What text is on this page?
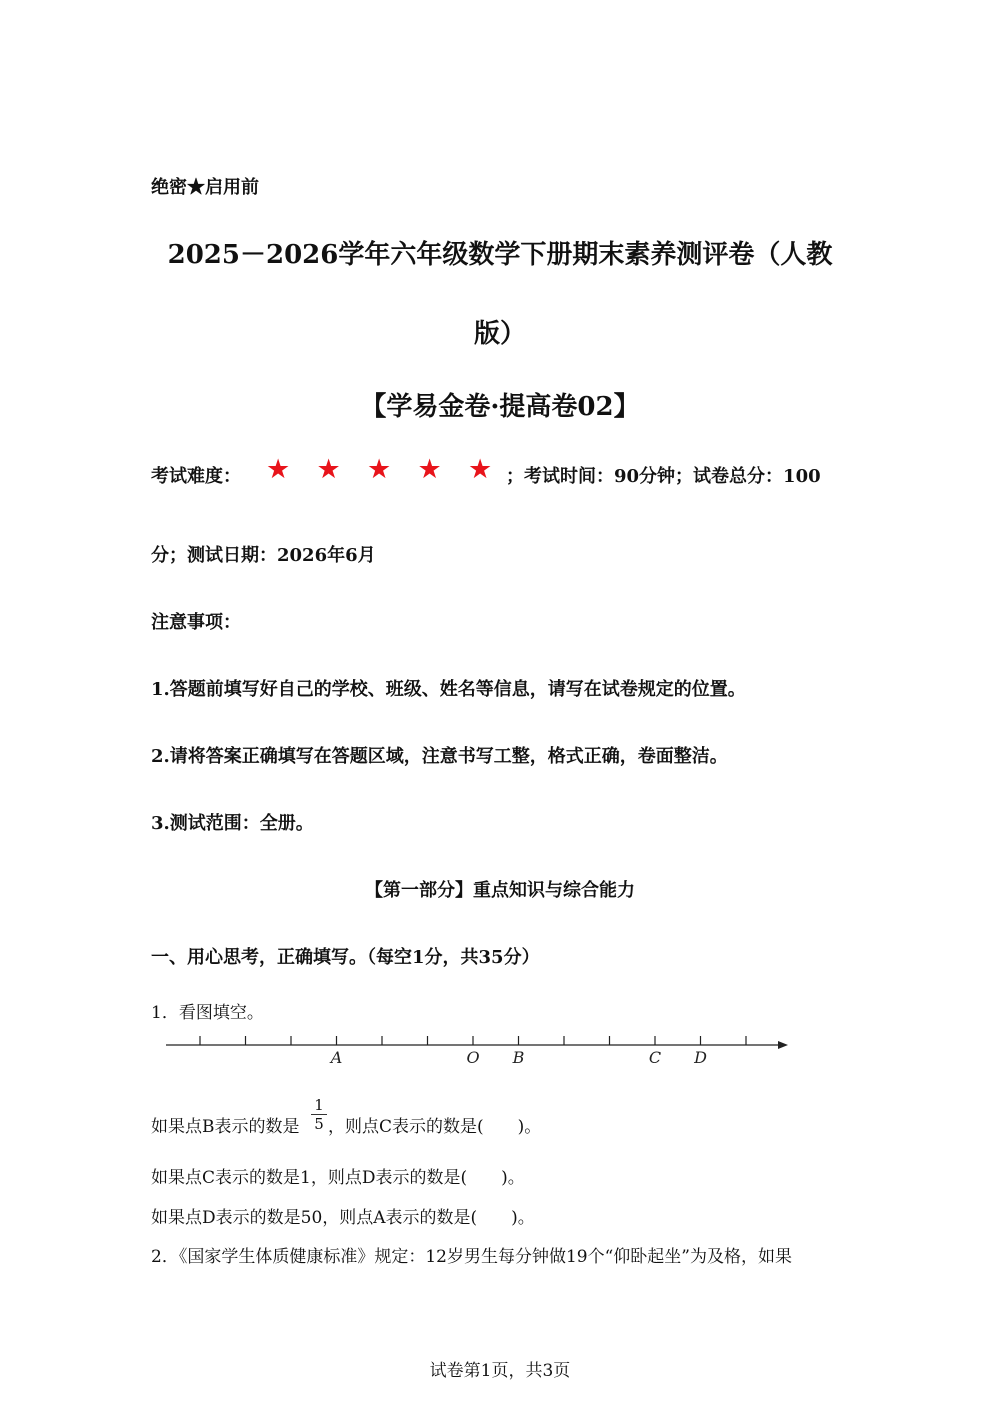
绝密★启用前
2025－2026学年六年级数学下册期末素养测评卷（人教
版）
【学易金卷·提高卷02】
考试难度： ★ ★ ★ ★ ★ ；考试时间：90分钟；试卷总分：100
分；测试日期：2026年6月
注意事项：
1.答题前填写好自己的学校、班级、姓名等信息，请写在试卷规定的位置。
2.请将答案正确填写在答题区域，注意书写工整，格式正确，卷面整洁。
3.测试范围：全册。
【第一部分】重点知识与综合能力
一、用心思考，正确填写。（每空1分，共35分）
1．看图填空。
A	O B	C D
如果点B表示的数是
1
5 ，则点C表示的数是(　　)。
如果点C表示的数是1，则点D表示的数是(　　)。
如果点D表示的数是50，则点A表示的数是(　　)。
2．《国家学生体质健康标准》规定：12岁男生每分钟做19个“仰卧起坐”为及格，如果
试卷第1页，共3页
